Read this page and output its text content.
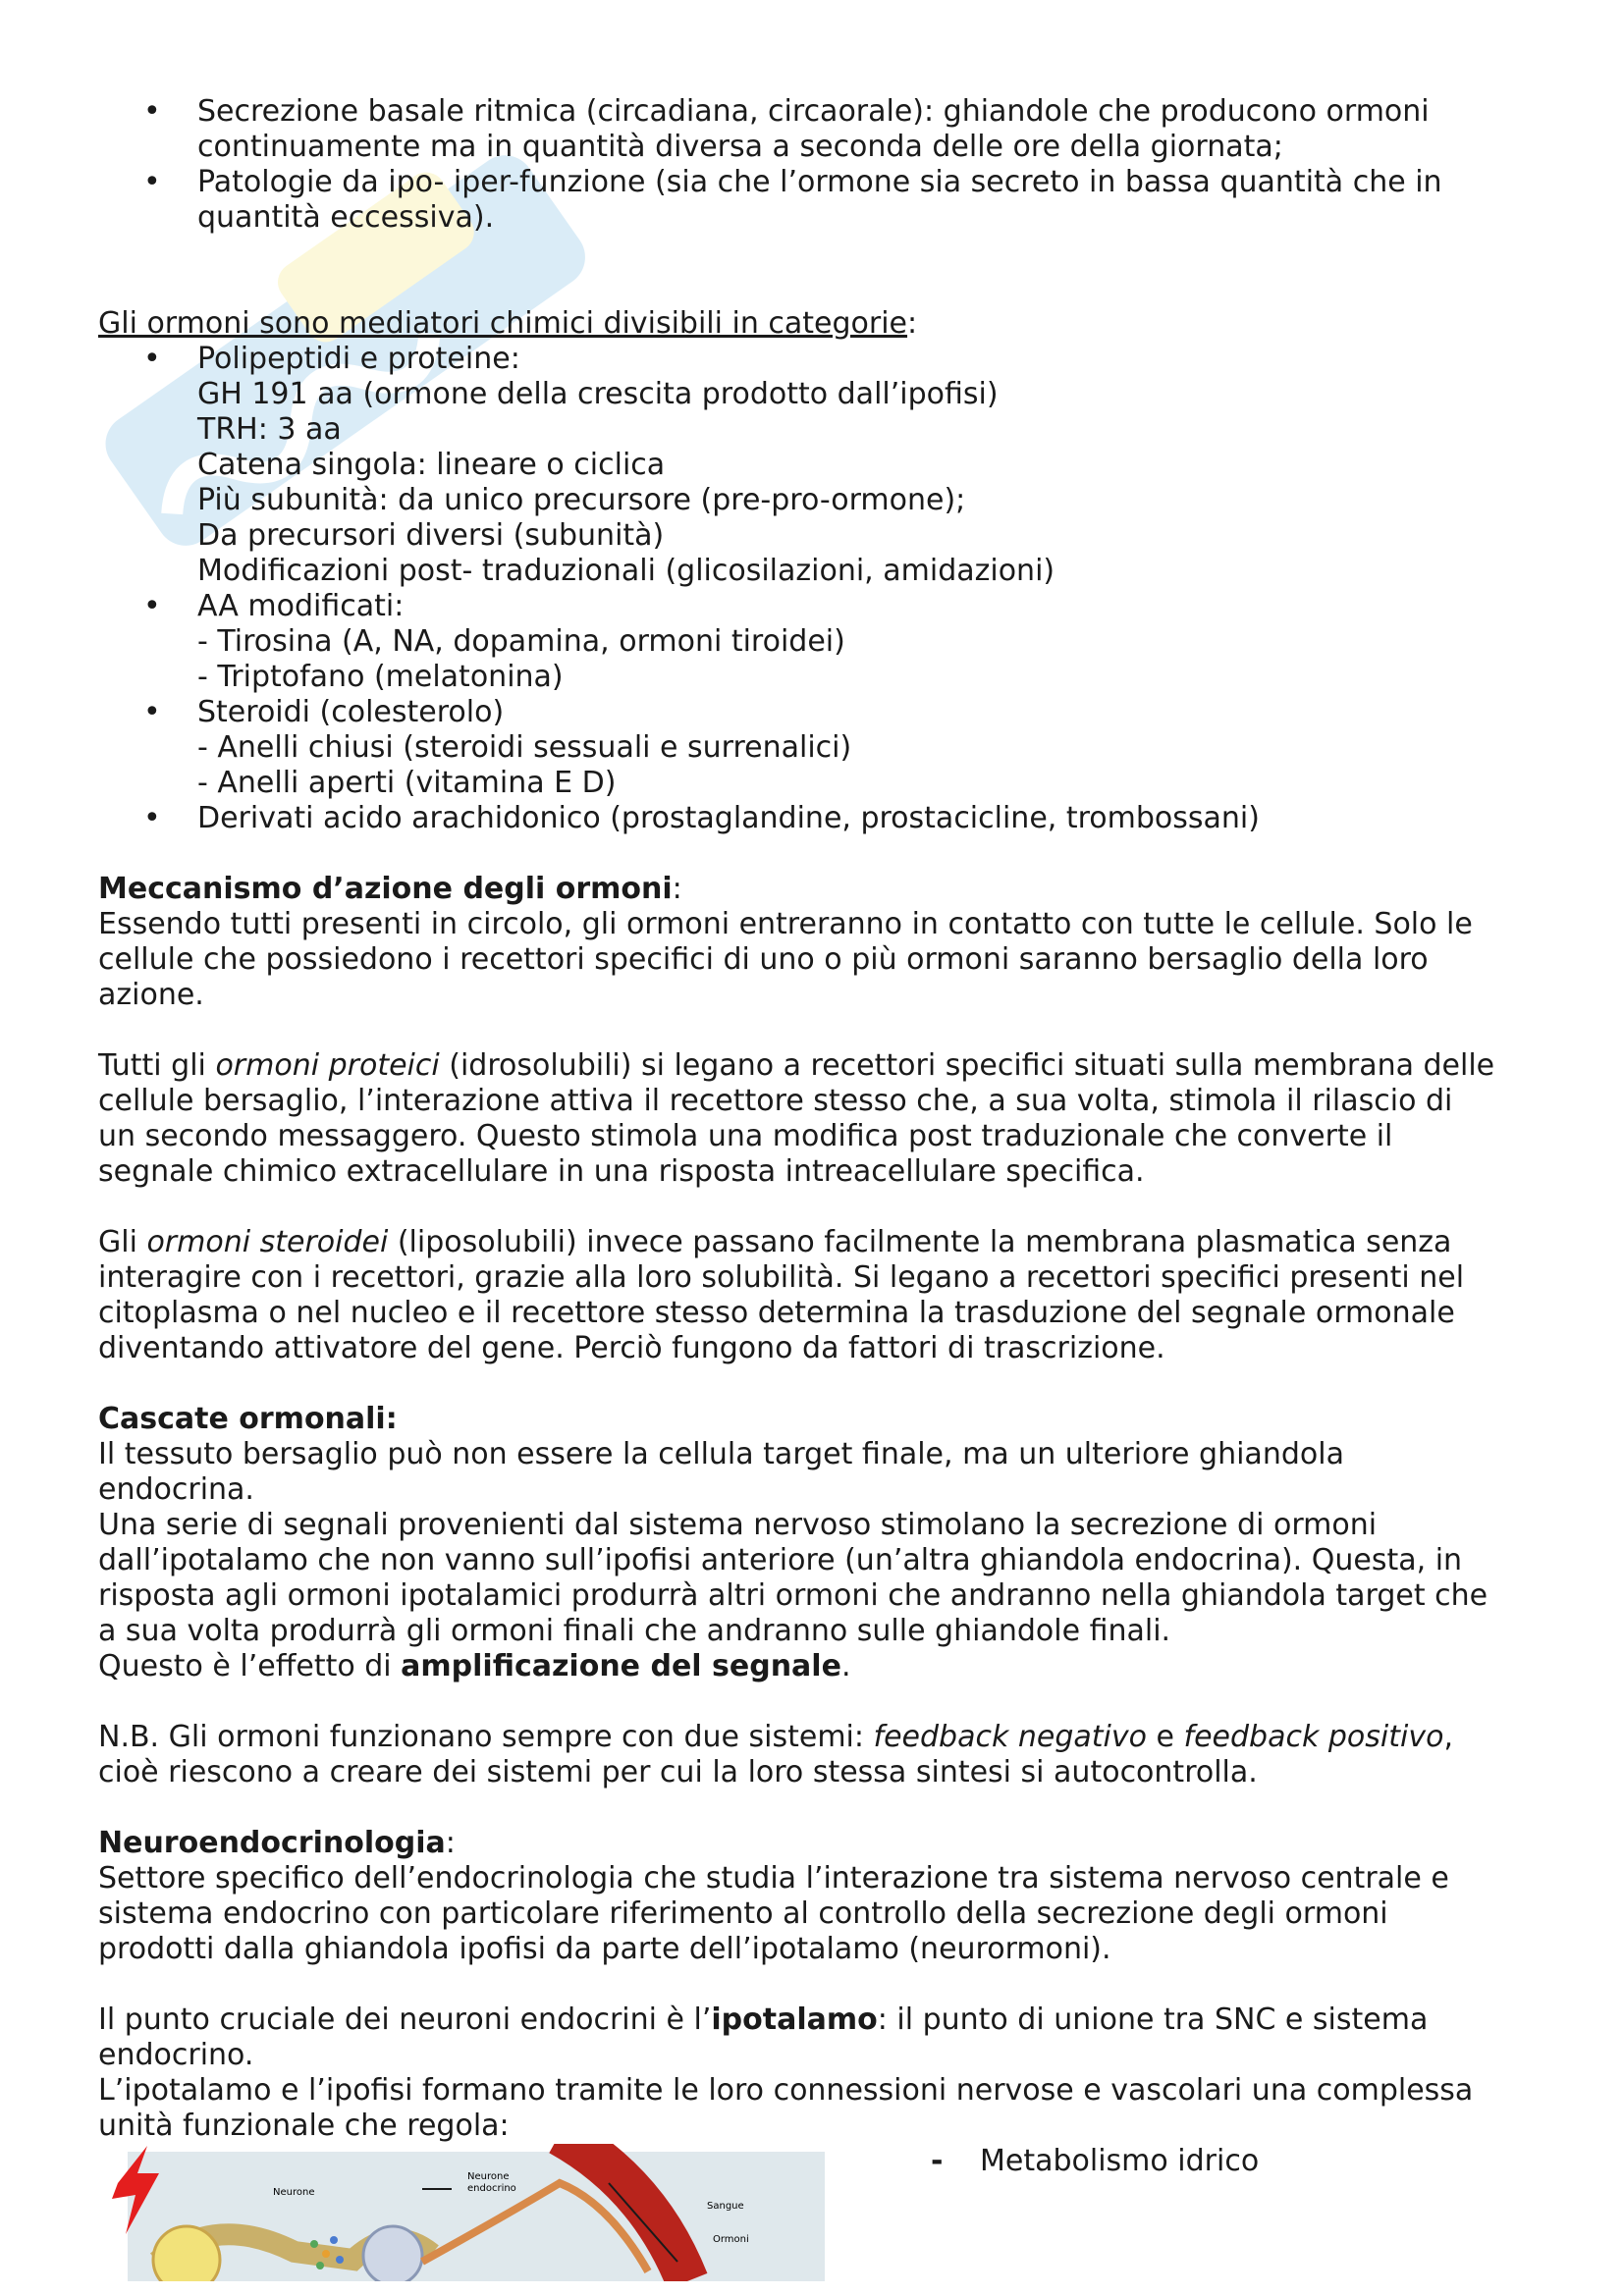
• Secrezione basale ritmica (circadiana, circaorale): ghiandole che producono ormoni
continuamente ma in quantità diversa a seconda delle ore della giornata;
• Patologie da ipo- iper-funzione (sia che l’ormone sia secreto in bassa quantità che in
quantità eccessiva).
Gli ormoni sono mediatori chimici divisibili in categorie:
• Polipeptidi e proteine:
GH 191 aa (ormone della crescita prodotto dall’ipofisi)
TRH: 3 aa
Catena singola: lineare o ciclica
Più subunità: da unico precursore (pre-pro-ormone);
Da precursori diversi (subunità)
Modificazioni post- traduzionali (glicosilazioni, amidazioni)
• AA modificati:
- Tirosina (A, NA, dopamina, ormoni tiroidei)
- Triptofano (melatonina)
• Steroidi (colesterolo)
- Anelli chiusi (steroidi sessuali e surrenalici)
- Anelli aperti (vitamina E D)
• Derivati acido arachidonico (prostaglandine, prostacicline, trombossani)
Meccanismo d’azione degli ormoni:
Essendo tutti presenti in circolo, gli ormoni entreranno in contatto con tutte le cellule. Solo le
cellule che possiedono i recettori specifici di uno o più ormoni saranno bersaglio della loro
azione.
Tutti gli ormoni proteici (idrosolubili) si legano a recettori specifici situati sulla membrana delle
cellule bersaglio, l’interazione attiva il recettore stesso che, a sua volta, stimola il rilascio di
un secondo messaggero. Questo stimola una modifica post traduzionale che converte il
segnale chimico extracellulare in una risposta intreacellulare specifica.
Gli ormoni steroidei (liposolubili) invece passano facilmente la membrana plasmatica senza
interagire con i recettori, grazie alla loro solubilità. Si legano a recettori specifici presenti nel
citoplasma o nel nucleo e il recettore stesso determina la trasduzione del segnale ormonale
diventando attivatore del gene. Perciò fungono da fattori di trascrizione.
Cascate ormonali:
Il tessuto bersaglio può non essere la cellula target finale, ma un ulteriore ghiandola
endocrina.
Una serie di segnali provenienti dal sistema nervoso stimolano la secrezione di ormoni
dall’ipotalamo che non vanno sull’ipofisi anteriore (un’altra ghiandola endocrina). Questa, in
risposta agli ormoni ipotalamici produrrà altri ormoni che andranno nella ghiandola target che
a sua volta produrrà gli ormoni finali che andranno sulle ghiandole finali.
Questo è l’effetto di amplificazione del segnale.
N.B. Gli ormoni funzionano sempre con due sistemi: feedback negativo e feedback positivo,
cioè riescono a creare dei sistemi per cui la loro stessa sintesi si autocontrolla.
Neuroendocrinologia:
Settore specifico dell’endocrinologia che studia l’interazione tra sistema nervoso centrale e
sistema endocrino con particolare riferimento al controllo della secrezione degli ormoni
prodotti dalla ghiandola ipofisi da parte dell’ipotalamo (neurormoni).
Il punto cruciale dei neuroni endocrini è l’ipotalamo: il punto di unione tra SNC e sistema
endocrino.
L’ipotalamo e l’ipofisi formano tramite le loro connessioni nervose e vascolari una complessa
unità funzionale che regola:
Neurone
Neurone
endocrino
Sangue
Ormoni
- Metabolismo idrico
